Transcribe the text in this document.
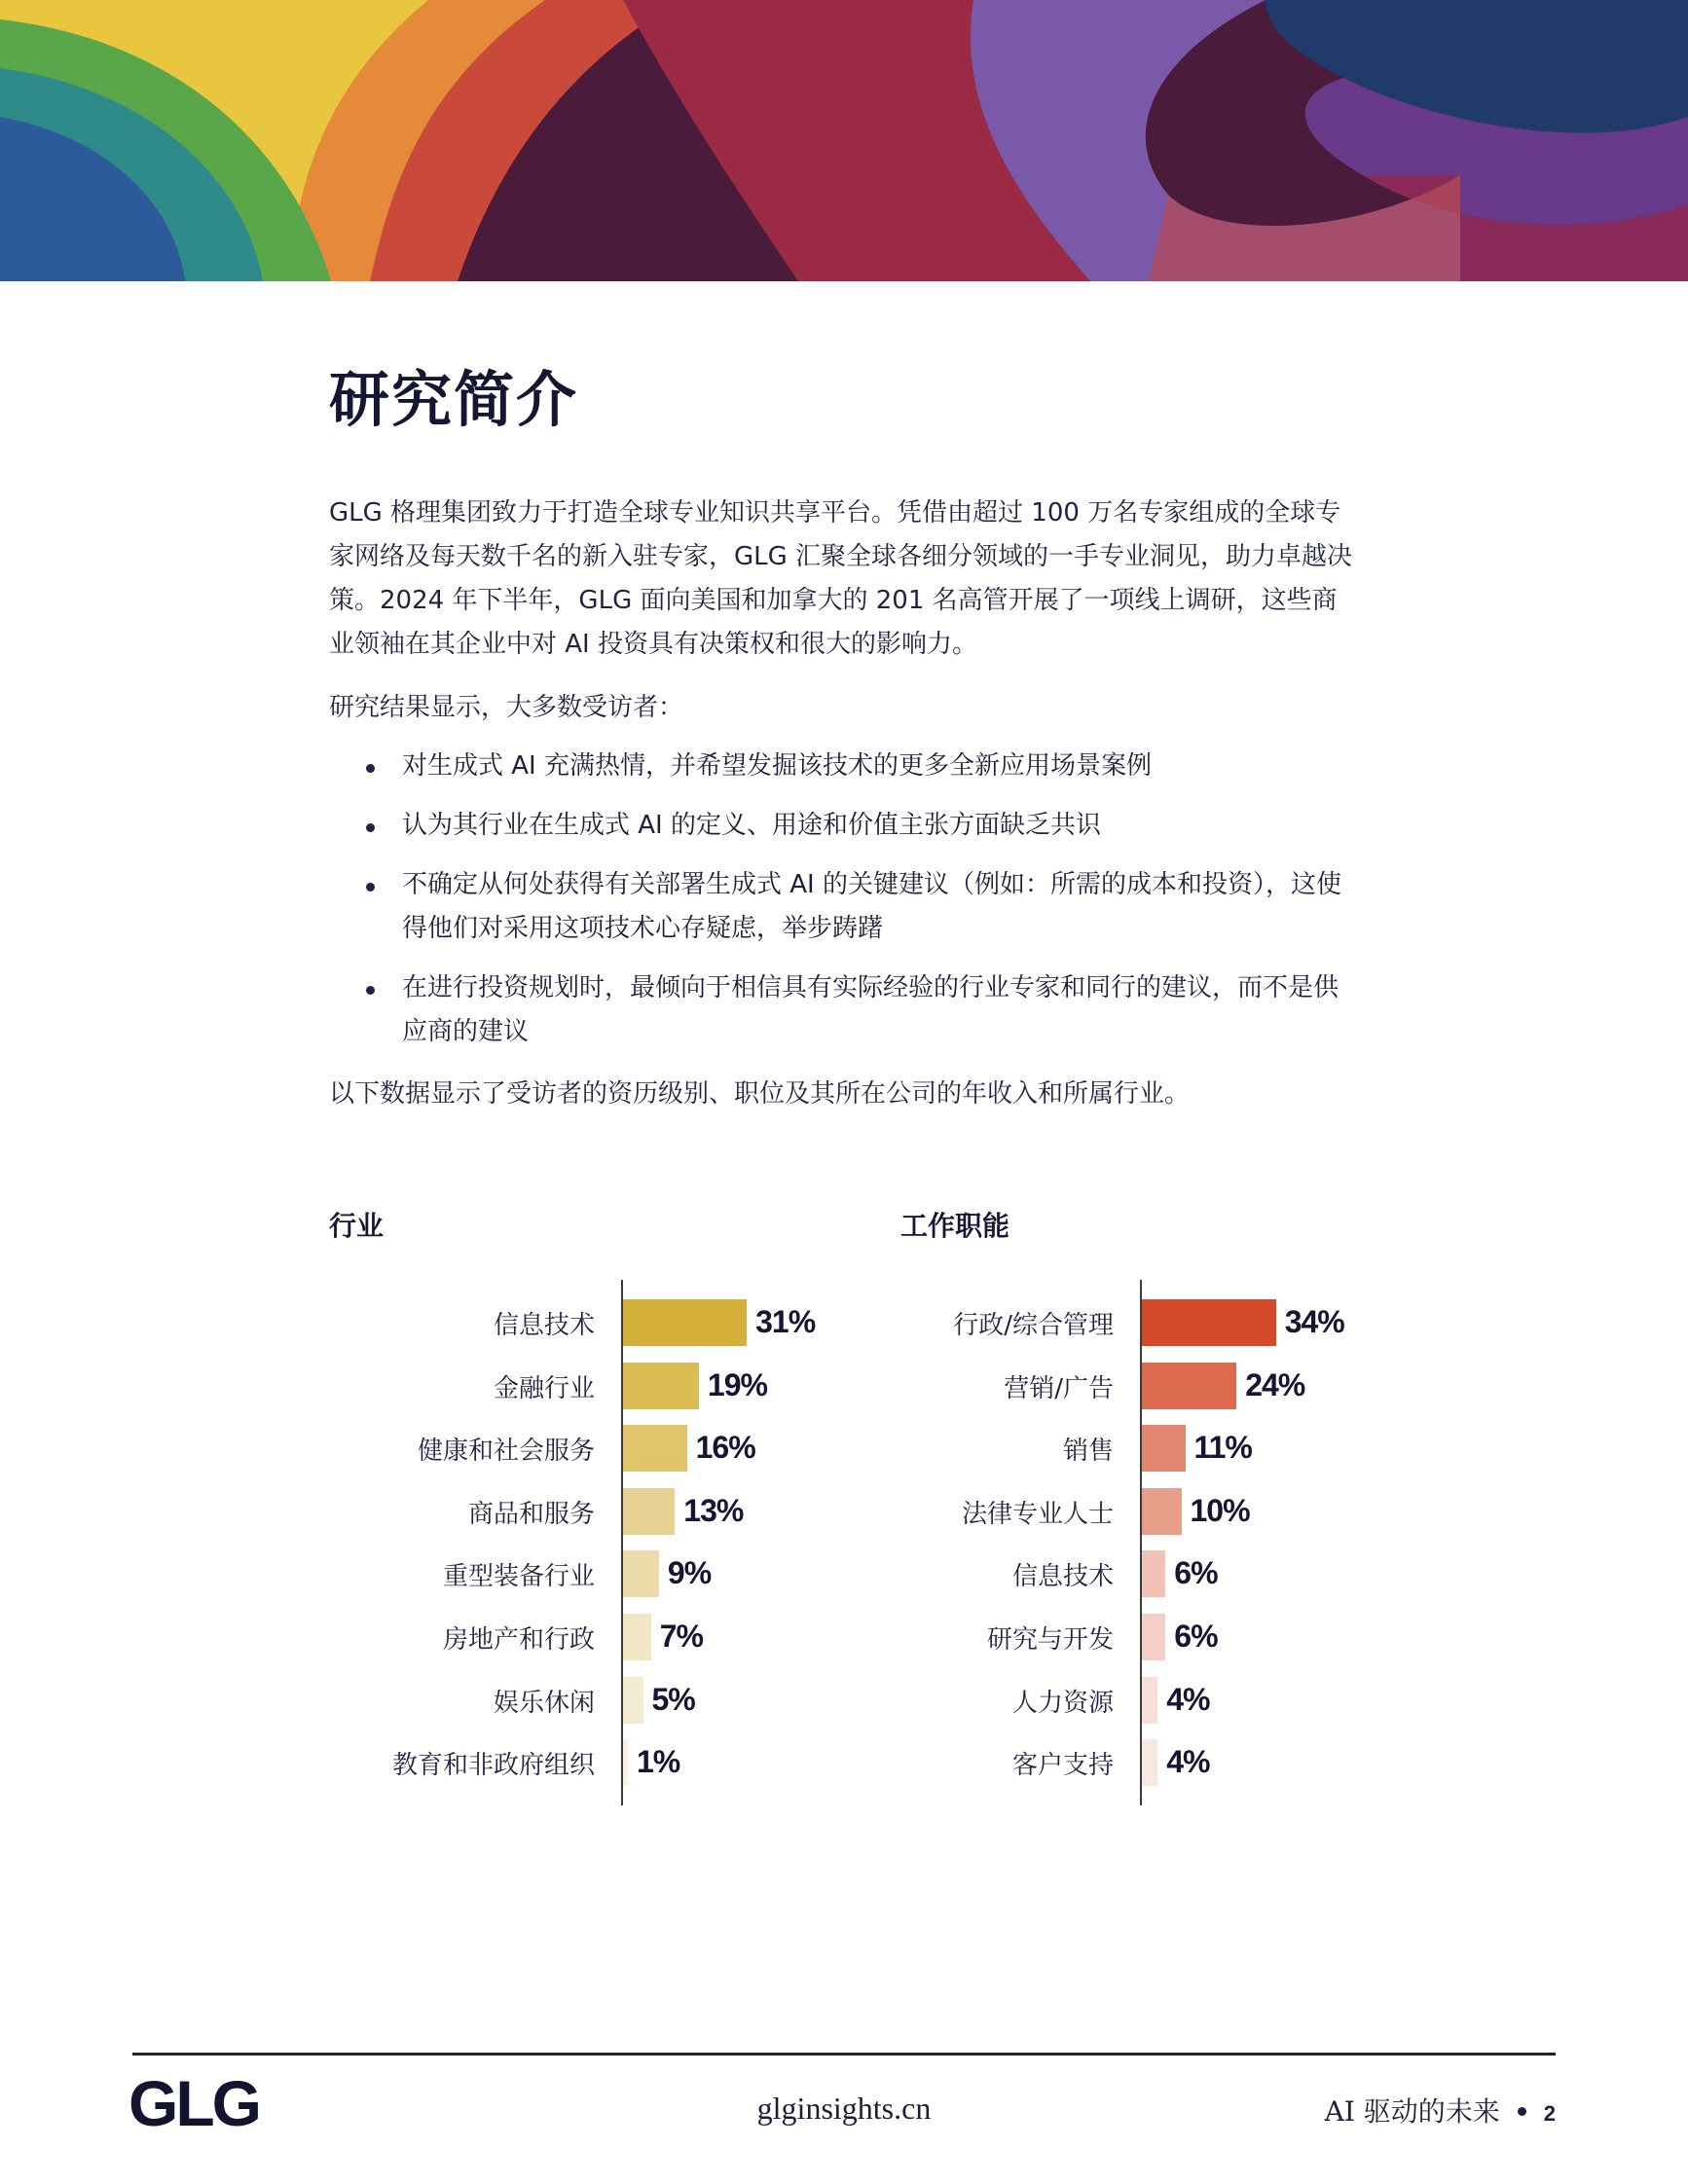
研究简介

GLG 格理集团致力于打造全球专业知识共享平台。凭借由超过 100 万名专家组成的全球专家网络及每天数千名的新入驻专家，GLG 汇聚全球各细分领域的一手专业洞见，助力卓越决策。2024 年下半年，GLG 面向美国和加拿大的 201 名高管开展了一项线上调研，这些商业领袖在其企业中对 AI 投资具有决策权和很大的影响力。

研究结果显示，大多数受访者：

对生成式 AI 充满热情，并希望发掘该技术的更多全新应用场景案例
认为其行业在生成式 AI 的定义、用途和价值主张方面缺乏共识
不确定从何处获得有关部署生成式 AI 的关键建议（例如：所需的成本和投资），这使得他们对采用这项技术心存疑虑，举步踌躇
在进行投资规划时，最倾向于相信具有实际经验的行业专家和同行的建议，而不是供应商的建议

以下数据显示了受访者的资历级别、职位及其所在公司的年收入和所属行业。

行业
信息技术	31%
金融行业	19%
健康和社会服务	16%
商品和服务	13%
重型装备行业 9%
房地产和行政 7%
娱乐休闲 5%
教育和非政府组织 1%
工作职能
行政/综合管理	34%
营销/广告	24%
销售	11%
法律专业人士 10%
信息技术 6%
研究与开发 6%
人力资源 4%
客户支持 4%
GLG	glginsights.cn	AI 驱动的未来 2
